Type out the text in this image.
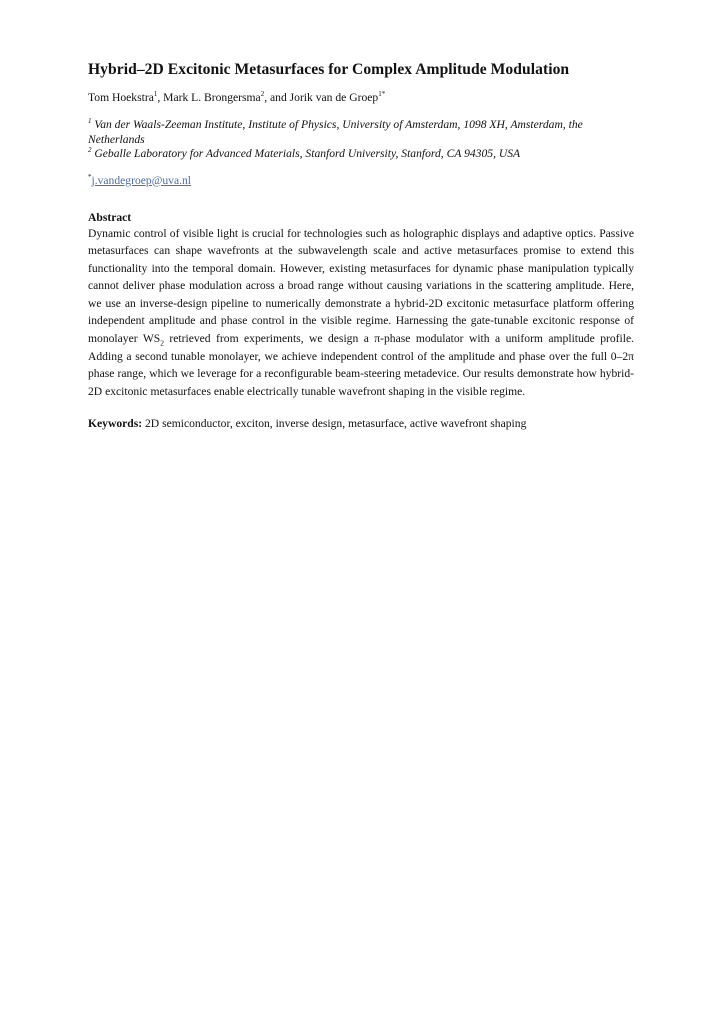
Hybrid–2D Excitonic Metasurfaces for Complex Amplitude Modulation
Tom Hoekstra$^1$, Mark L. Brongersma$^2$, and Jorik van de Groep$^{1*}$
$^1$ Van der Waals-Zeeman Institute, Institute of Physics, University of Amsterdam, 1098 XH, Amsterdam, the Netherlands
$^2$ Geballe Laboratory for Advanced Materials, Stanford University, Stanford, CA 94305, USA
*j.vandegroep@uva.nl
Abstract
Dynamic control of visible light is crucial for technologies such as holographic displays and adaptive optics. Passive metasurfaces can shape wavefronts at the subwavelength scale and active metasurfaces promise to extend this functionality into the temporal domain. However, existing metasurfaces for dynamic phase manipulation typically cannot deliver phase modulation across a broad range without causing variations in the scattering amplitude. Here, we use an inverse-design pipeline to numerically demonstrate a hybrid-2D excitonic metasurface platform offering independent amplitude and phase control in the visible regime. Harnessing the gate-tunable excitonic response of monolayer $WS_2$ retrieved from experiments, we design a π-phase modulator with a uniform amplitude profile. Adding a second tunable monolayer, we achieve independent control of the amplitude and phase over the full 0–2π phase range, which we leverage for a reconfigurable beam-steering metadevice. Our results demonstrate how hybrid-2D excitonic metasurfaces enable electrically tunable wavefront shaping in the visible regime.
Keywords: 2D semiconductor, exciton, inverse design, metasurface, active wavefront shaping
